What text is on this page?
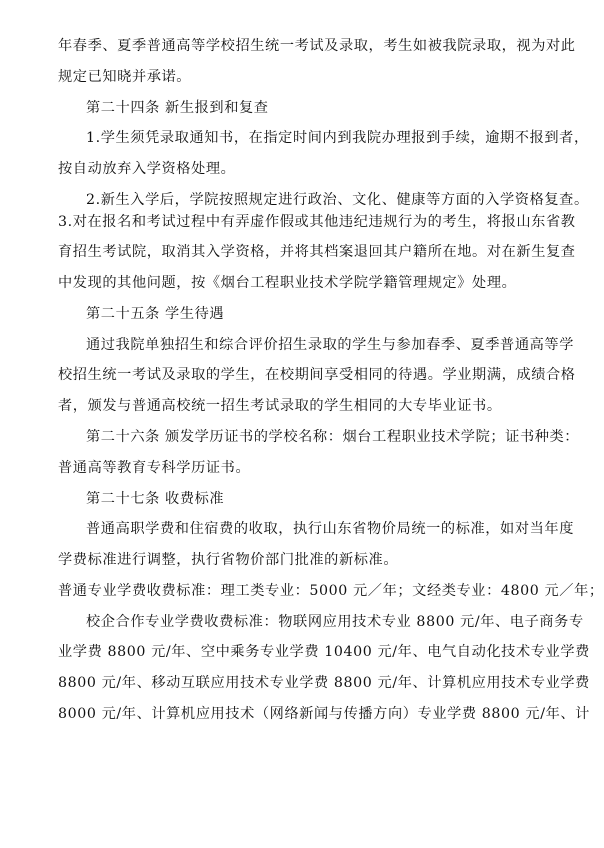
年春季、夏季普通高等学校招生统一考试及录取，考生如被我院录取，视为对此
规定已知晓并承诺。
第二十四条 新生报到和复查
1.学生须凭录取通知书，在指定时间内到我院办理报到手续，逾期不报到者，
按自动放弃入学资格处理。
2.新生入学后，学院按照规定进行政治、文化、健康等方面的入学资格复查。
3.对在报名和考试过程中有弄虚作假或其他违纪违规行为的考生，将报山东省教
育招生考试院，取消其入学资格，并将其档案退回其户籍所在地。对在新生复查
中发现的其他问题，按《烟台工程职业技术学院学籍管理规定》处理。
第二十五条 学生待遇
通过我院单独招生和综合评价招生录取的学生与参加春季、夏季普通高等学
校招生统一考试及录取的学生，在校期间享受相同的待遇。学业期满，成绩合格
者，颁发与普通高校统一招生考试录取的学生相同的大专毕业证书。
第二十六条 颁发学历证书的学校名称：烟台工程职业技术学院；证书种类：
普通高等教育专科学历证书。
第二十七条 收费标准
普通高职学费和住宿费的收取，执行山东省物价局统一的标准，如对当年度
学费标准进行调整，执行省物价部门批准的新标准。
普通专业学费收费标准：理工类专业：5000 元／年；文经类专业：4800 元／年；
校企合作专业学费收费标准：物联网应用技术专业 8800 元/年、电子商务专
业学费 8800 元/年、空中乘务专业学费 10400 元/年、电气自动化技术专业学费
8800 元/年、移动互联应用技术专业学费 8800 元/年、计算机应用技术专业学费
8000 元/年、计算机应用技术（网络新闻与传播方向）专业学费 8800 元/年、计
